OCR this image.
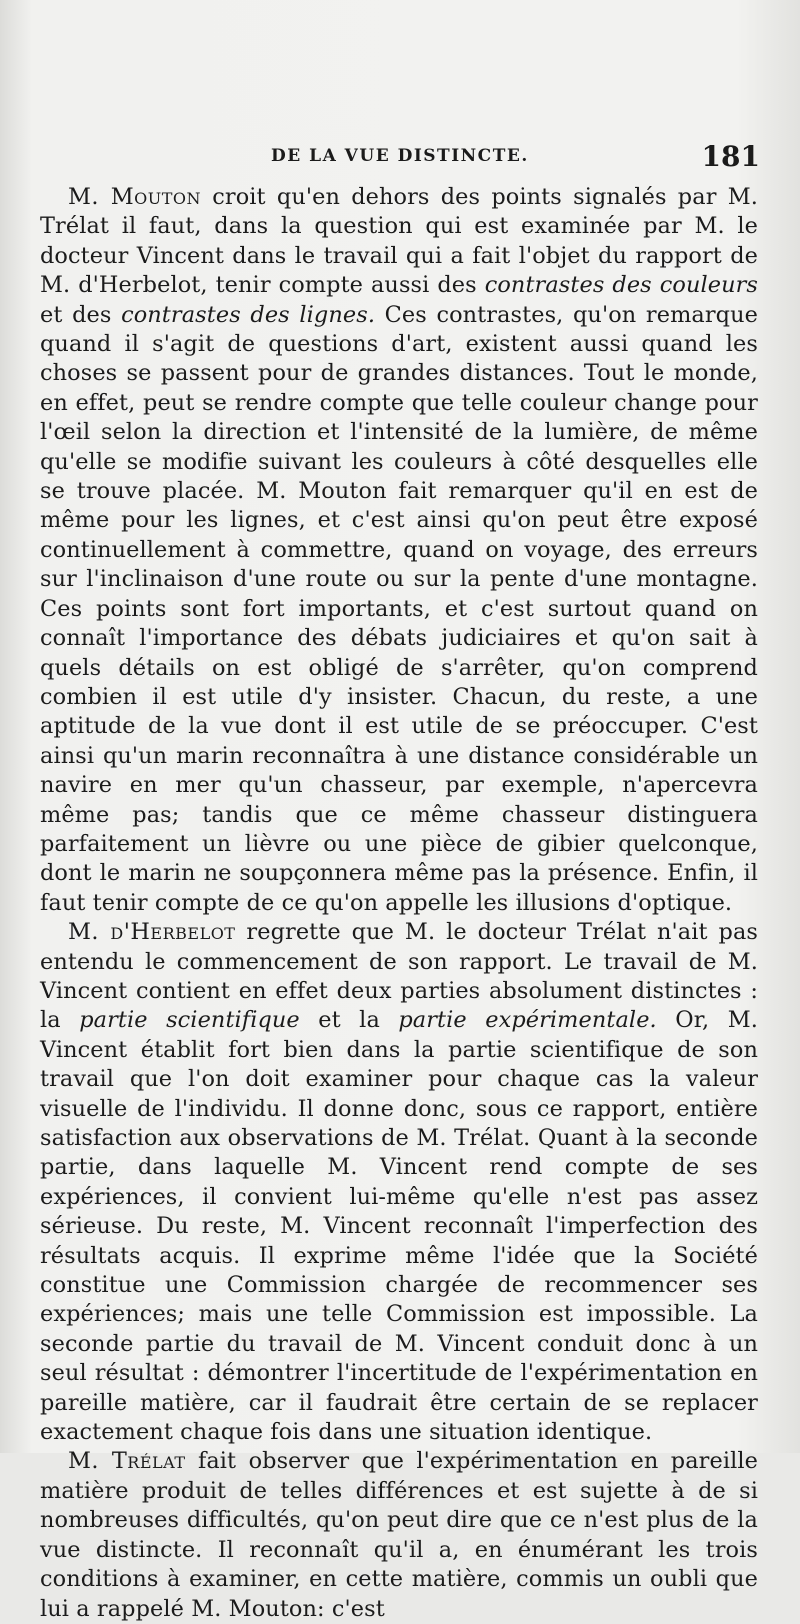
DE LA VUE DISTINCTE.	181

M. Mouton croit qu'en dehors des points signalés par M. Trélat il faut, dans la question qui est examinée par M. le docteur Vincent dans le travail qui a fait l'objet du rapport de M. d'Herbelot, tenir compte aussi des contrastes des couleurs et des contrastes des lignes. Ces contrastes, qu'on remarque quand il s'agit de questions d'art, existent aussi quand les choses se passent pour de grandes distances. Tout le monde, en effet, peut se rendre compte que telle couleur change pour l'œil selon la direction et l'intensité de la lumière, de même qu'elle se modifie suivant les couleurs à côté desquelles elle se trouve placée. M. Mouton fait remarquer qu'il en est de même pour les lignes, et c'est ainsi qu'on peut être exposé continuellement à commettre, quand on voyage, des erreurs sur l'inclinaison d'une route ou sur la pente d'une montagne. Ces points sont fort importants, et c'est surtout quand on connaît l'importance des débats judiciaires et qu'on sait à quels détails on est obligé de s'arrêter, qu'on comprend combien il est utile d'y insister. Chacun, du reste, a une aptitude de la vue dont il est utile de se préoccuper. C'est ainsi qu'un marin reconnaîtra à une distance considérable un navire en mer qu'un chasseur, par exemple, n'apercevra même pas; tandis que ce même chasseur distinguera parfaitement un lièvre ou une pièce de gibier quelconque, dont le marin ne soupçonnera même pas la présence. Enfin, il faut tenir compte de ce qu'on appelle les illusions d'optique.

M. d'Herbelot regrette que M. le docteur Trélat n'ait pas entendu le commencement de son rapport. Le travail de M. Vincent contient en effet deux parties absolument distinctes : la partie scientifique et la partie expérimentale. Or, M. Vincent établit fort bien dans la partie scientifique de son travail que l'on doit examiner pour chaque cas la valeur visuelle de l'individu. Il donne donc, sous ce rapport, entière satisfaction aux observations de M. Trélat. Quant à la seconde partie, dans laquelle M. Vincent rend compte de ses expériences, il convient lui-même qu'elle n'est pas assez sérieuse. Du reste, M. Vincent reconnaît l'imperfection des résultats acquis. Il exprime même l'idée que la Société constitue une Commission chargée de recommencer ses expériences; mais une telle Commission est impossible. La seconde partie du travail de M. Vincent conduit donc à un seul résultat : démontrer l'incertitude de l'expérimentation en pareille matière, car il faudrait être certain de se replacer exactement chaque fois dans une situation identique.

M. Trélat fait observer que l'expérimentation en pareille matière produit de telles différences et est sujette à de si nombreuses difficultés, qu'on peut dire que ce n'est plus de la vue distincte. Il reconnaît qu'il a, en énumérant les trois conditions à examiner, en cette matière, commis un oubli que lui a rappelé M. Mouton: c'est
